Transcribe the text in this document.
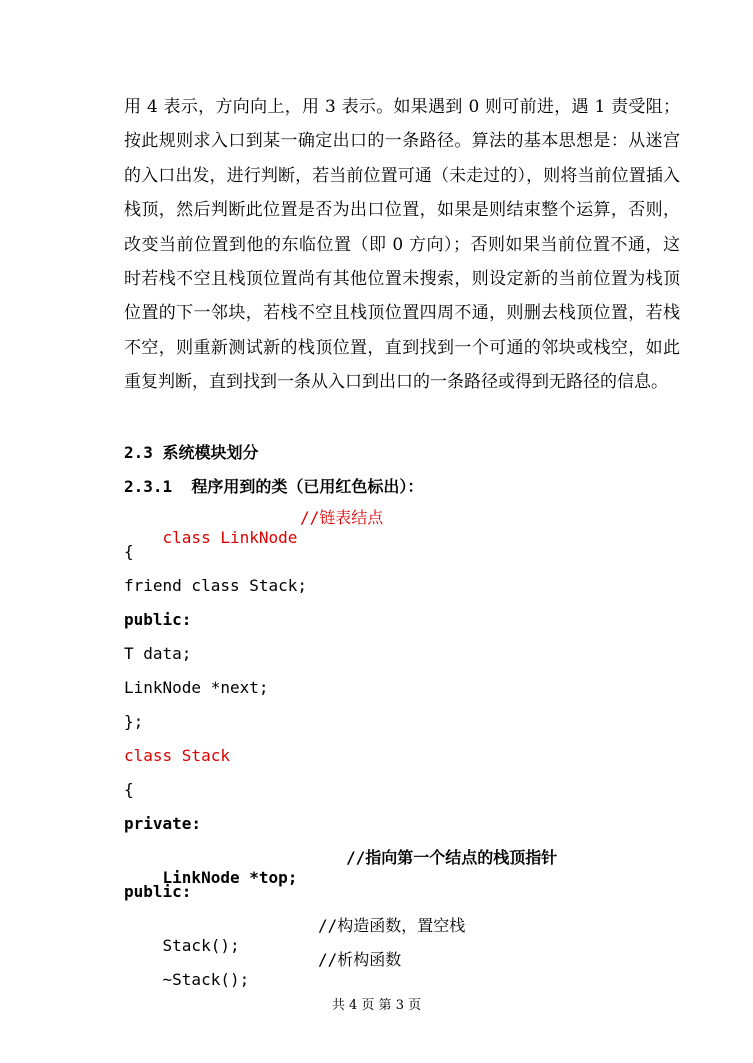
用 4 表示，方向向上，用 3 表示。如果遇到 0 则可前进，遇 1 责受阻；按此规则求入口到某一确定出口的一条路径。算法的基本思想是：从迷宫的入口出发，进行判断，若当前位置可通（未走过的），则将当前位置插入栈顶，然后判断此位置是否为出口位置，如果是则结束整个运算，否则，改变当前位置到他的东临位置（即 0 方向）；否则如果当前位置不通，这时若栈不空且栈顶位置尚有其他位置未搜索，则设定新的当前位置为栈顶位置的下一邻块，若栈不空且栈顶位置四周不通，则删去栈顶位置，若栈不空，则重新测试新的栈顶位置，直到找到一个可通的邻块或栈空，如此重复判断，直到找到一条从入口到出口的一条路径或得到无路径的信息。

2.3 系统模块划分
2.3.1  程序用到的类（已用红色标出）：

class LinkNode

//链表结点

{
friend class Stack;
public:
T data;
LinkNode *next;
};
class Stack
{
private:

LinkNode *top;

//指向第一个结点的栈顶指针

public:

Stack();

//构造函数，置空栈

~Stack();

//析构函数

共 4 页 第 3 页
